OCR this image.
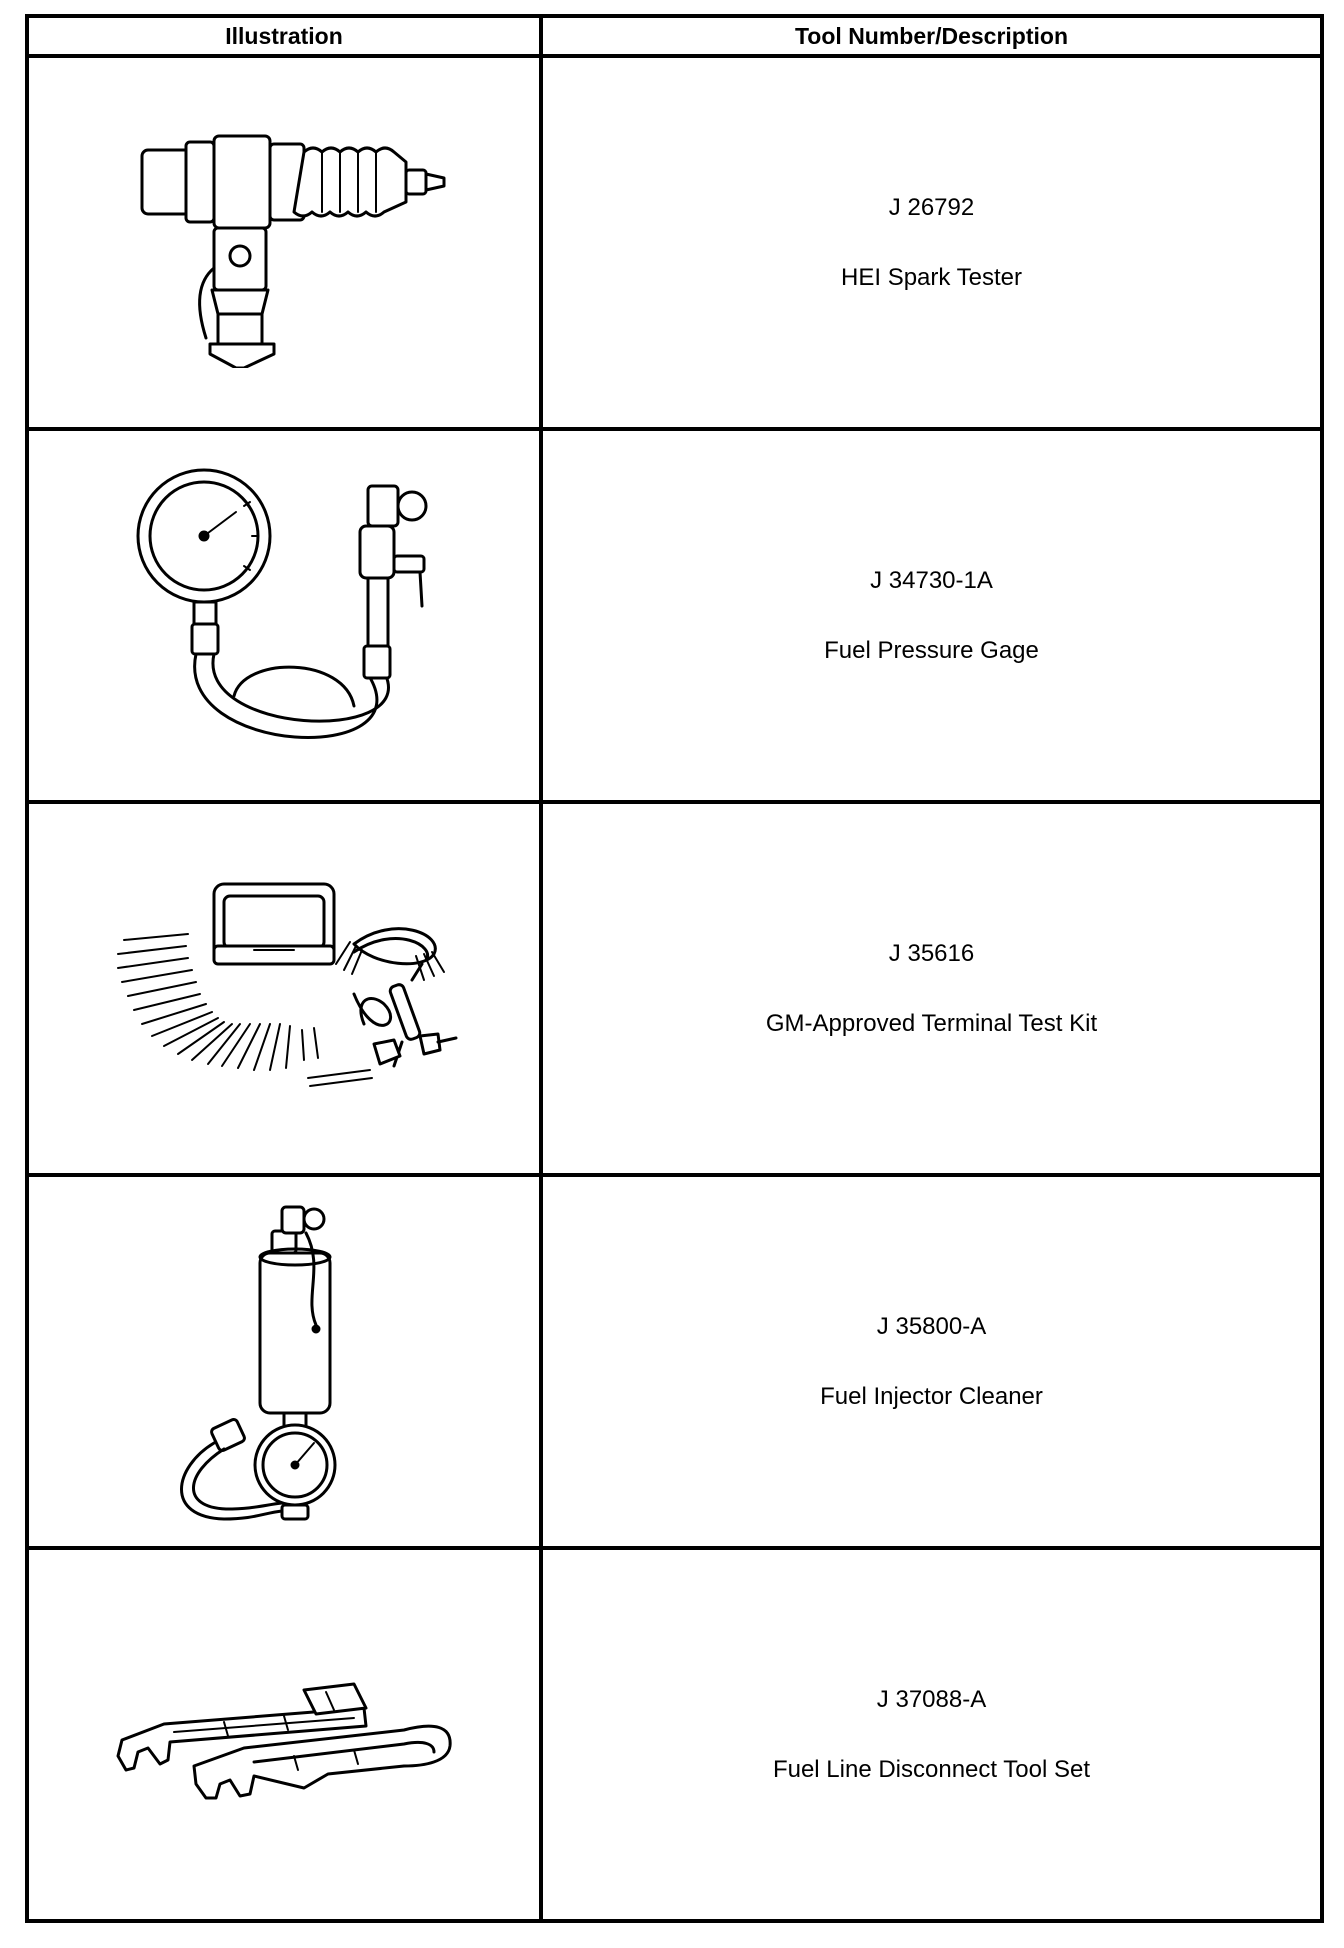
Illustration	Tool Number/Description

J 26792
HEI Spark Tester

J 34730-1A
Fuel Pressure Gage

J 35616
GM-Approved Terminal Test Kit

J 35800-A
Fuel Injector Cleaner

J 37088-A
Fuel Line Disconnect Tool Set
